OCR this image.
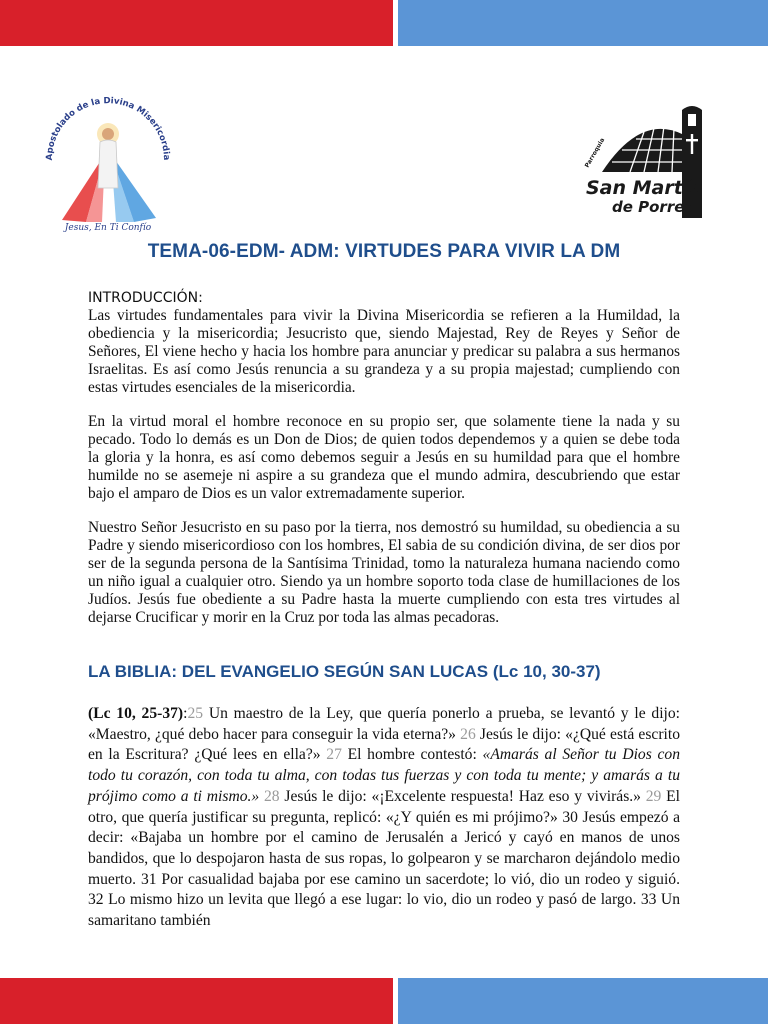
Apostolado de la Divina Misericordia
Jesus, En Ti Confío
Parroquia
San Martín
de Porres
TEMA-06-EDM- ADM: VIRTUDES PARA VIVIR LA DM
INTRODUCCIÓN:
Las virtudes fundamentales para vivir la Divina Misericordia se refieren a la Humildad, la obediencia y la misericordia; Jesucristo que, siendo Majestad, Rey de Reyes y Señor de Señores, El viene hecho y hacia los hombre para anunciar y predicar su palabra a sus hermanos Israelitas. Es así como Jesús renuncia a su grandeza y a su propia majestad; cumpliendo con estas virtudes esenciales de la misericordia.
En la virtud moral el hombre reconoce en su propio ser, que solamente tiene la nada y su pecado. Todo lo demás es un Don de Dios; de quien todos dependemos y a quien se debe toda la gloria y la honra, es así como debemos seguir a Jesús en su humildad para que el hombre humilde no se asemeje ni aspire a su grandeza que el mundo admira, descubriendo que estar bajo el amparo de Dios es un valor extremadamente superior.
Nuestro Señor Jesucristo en su paso por la tierra, nos demostró su humildad, su obediencia a su Padre y siendo misericordioso con los hombres, El sabia de su condición divina, de ser dios por ser de la segunda persona de la Santísima Trinidad, tomo la naturaleza humana naciendo como un niño igual a cualquier otro. Siendo ya un hombre soporto toda clase de humillaciones de los Judíos. Jesús fue obediente a su Padre hasta la muerte cumpliendo con esta tres virtudes al dejarse Crucificar y morir en la Cruz por toda las almas pecadoras.
LA BIBLIA: DEL EVANGELIO SEGÚN SAN LUCAS (Lc 10, 30-37)
(Lc 10, 25-37):25 Un maestro de la Ley, que quería ponerlo a prueba, se levantó y le dijo: «Maestro, ¿qué debo hacer para conseguir la vida eterna?» 26 Jesús le dijo: «¿Qué está escrito en la Escritura? ¿Qué lees en ella?» 27 El hombre contestó: «Amarás al Señor tu Dios con todo tu corazón, con toda tu alma, con todas tus fuerzas y con toda tu mente; y amarás a tu prójimo como a ti mismo.» 28 Jesús le dijo: «¡Excelente respuesta! Haz eso y vivirás.» 29 El otro, que quería justificar su pregunta, replicó: «¿Y quién es mi prójimo?» 30 Jesús empezó a decir: «Bajaba un hombre por el camino de Jerusalén a Jericó y cayó en manos de unos bandidos, que lo despojaron hasta de sus ropas, lo golpearon y se marcharon dejándolo medio muerto. 31 Por casualidad bajaba por ese camino un sacerdote; lo vió, dio un rodeo y siguió. 32 Lo mismo hizo un levita que llegó a ese lugar: lo vio, dio un rodeo y pasó de largo. 33 Un samaritano también
